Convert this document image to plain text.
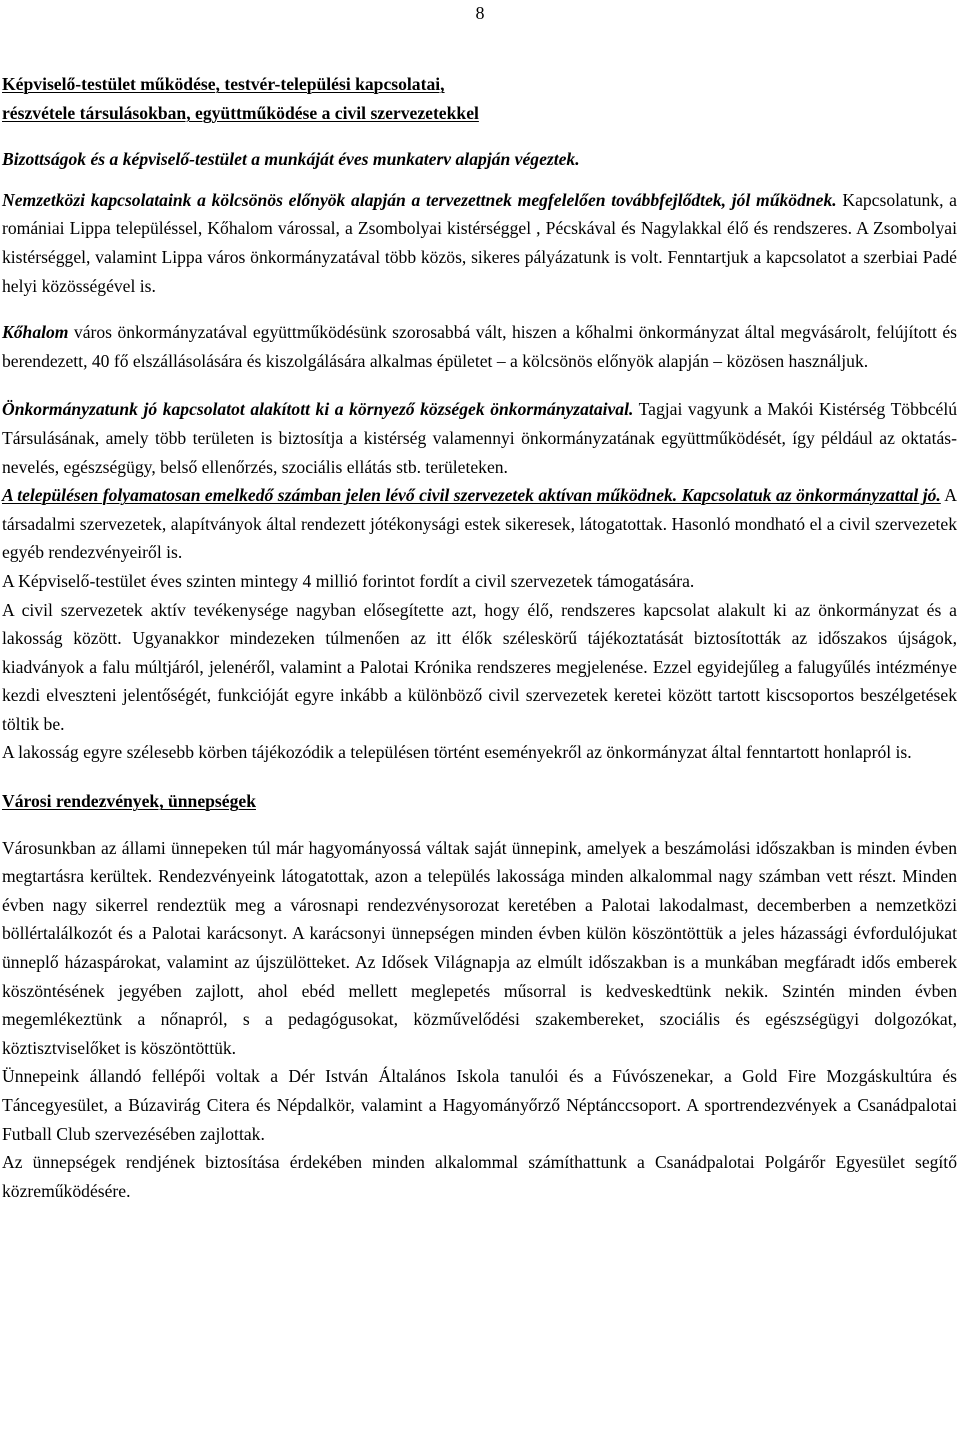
8

Képviselő-testület működése, testvér-települési kapcsolatai,

részvétele társulásokban, együttműködése a civil szervezetekkel

Bizottságok és a képviselő-testület a munkáját éves munkaterv alapján végeztek.

Nemzetközi kapcsolataink a kölcsönös előnyök alapján a tervezettnek megfelelően továbbfejlődtek, jól működnek. Kapcsolatunk, a romániai Lippa településsel, Kőhalom várossal, a Zsombolyai kistérséggel , Pécskával és Nagylakkal élő és rendszeres. A Zsombolyai kistérséggel, valamint Lippa város önkormányzatával több közös, sikeres pályázatunk is volt. Fenntartjuk a kapcsolatot a szerbiai Padé helyi közösségével is.

Kőhalom város önkormányzatával együttműködésünk szorosabbá vált, hiszen a kőhalmi önkormányzat által megvásárolt, felújított és berendezett, 40 fő elszállásolására és kiszolgálására alkalmas épületet – a kölcsönös előnyök alapján – közösen használjuk.

Önkormányzatunk jó kapcsolatot alakított ki a környező községek önkormányzataival. Tagjai vagyunk a Makói Kistérség Többcélú Társulásának, amely több területen is biztosítja a kistérség valamennyi önkormányzatának együttműködését, így például az oktatás-nevelés, egészségügy, belső ellenőrzés, szociális ellátás stb. területeken.

A településen folyamatosan emelkedő számban jelen lévő civil szervezetek aktívan működnek. Kapcsolatuk az önkormányzattal jó. A társadalmi szervezetek, alapítványok által rendezett jótékonysági estek sikeresek, látogatottak. Hasonló mondható el a civil szervezetek egyéb rendezvényeiről is.

A Képviselő-testület éves szinten mintegy 4 millió forintot fordít a civil szervezetek támogatására.

A civil szervezetek aktív tevékenysége nagyban elősegítette azt, hogy élő, rendszeres kapcsolat alakult ki az önkormányzat és a lakosság között. Ugyanakkor mindezeken túlmenően az itt élők széleskörű tájékoztatását biztosították az időszakos újságok, kiadványok a falu múltjáról, jelenéről, valamint a Palotai Krónika rendszeres megjelenése. Ezzel egyidejűleg a falugyűlés intézménye kezdi elveszteni jelentőségét, funkcióját egyre inkább a különböző civil szervezetek keretei között tartott kiscsoportos beszélgetések töltik be.

A lakosság egyre szélesebb körben tájékozódik a településen történt eseményekről az önkormányzat által fenntartott honlapról is.

Városi rendezvények, ünnepségek

Városunkban az állami ünnepeken túl már hagyományossá váltak saját ünnepink, amelyek a beszámolási időszakban is minden évben megtartásra kerültek. Rendezvényeink látogatottak, azon a település lakossága minden alkalommal nagy számban vett részt. Minden évben nagy sikerrel rendeztük meg a városnapi rendezvénysorozat keretében a Palotai lakodalmast, decemberben a nemzetközi böllértalálkozót és a Palotai karácsonyt. A karácsonyi ünnepségen minden évben külön köszöntöttük a jeles házassági évfordulójukat ünneplő házaspárokat, valamint az újszülötteket. Az Idősek Világnapja az elmúlt időszakban is a munkában megfáradt idős emberek köszöntésének jegyében zajlott, ahol ebéd mellett meglepetés műsorral is kedveskedtünk nekik. Szintén minden évben megemlékeztünk a nőnapról, s a pedagógusokat, közművelődési szakembereket, szociális és egészségügyi dolgozókat, köztisztviselőket is köszöntöttük.

Ünnepeink állandó fellépői voltak a Dér István Általános Iskola tanulói és a Fúvószenekar, a Gold Fire Mozgáskultúra és Táncegyesület, a Búzavirág Citera és Népdalkör, valamint a Hagyományőrző Néptánccsoport. A sportrendezvények a Csanádpalotai Futball Club szervezésében zajlottak.

Az ünnepségek rendjének biztosítása érdekében minden alkalommal számíthattunk a Csanádpalotai Polgárőr Egyesület segítő közreműködésére.
